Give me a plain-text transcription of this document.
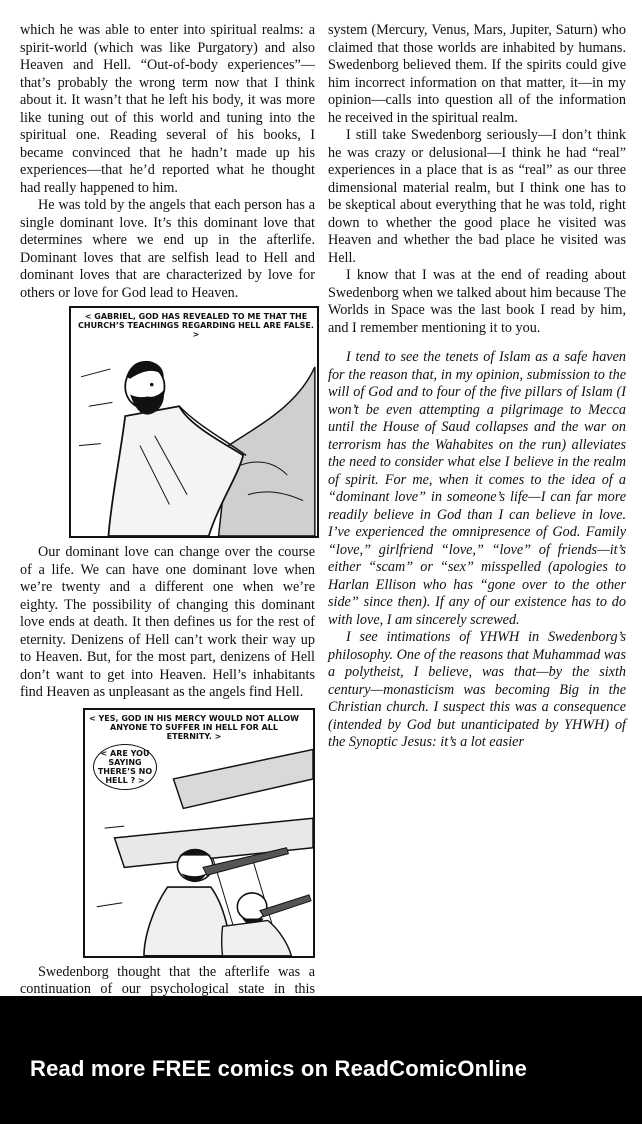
which he was able to enter into spiritual realms: a spirit-world (which was like Purgatory) and also Heaven and Hell. “Out-of-body experiences”—that’s probably the wrong term now that I think about it. It wasn’t that he left his body, it was more like tuning out of this world and tuning into the spiritual one. Reading several of his books, I became convinced that he hadn’t made up his experiences—that he’d reported what he thought had really happened to him.

He was told by the angels that each person has a single dominant love. It’s this dominant love that determines where we end up in the afterlife. Dominant loves that are selfish lead to Hell and dominant loves that are characterized by love for others or love for God lead to Heaven.

< GABRIEL, GOD HAS REVEALED TO ME THAT THE CHURCH’S TEACHINGS REGARDING HELL ARE FALSE. >

Our dominant love can change over the course of a life. We can have one dominant love when we’re twenty and a different one when we’re eighty. The possibility of changing this dominant love ends at death. It then defines us for the rest of eternity. Denizens of Hell can’t work their way up to Heaven. But, for the most part, denizens of Hell don’t want to get into Heaven. Hell’s inhabitants find Heaven as unpleasant as the angels find Hell.

< YES, GOD IN HIS MERCY WOULD NOT ALLOW ANYONE TO SUFFER IN HELL FOR ALL ETERNITY. >
< ARE YOU SAYING THERE’S NO HELL ? >

Swedenborg thought that the afterlife was a continuation of our psychological state in this

system (Mercury, Venus, Mars, Jupiter, Saturn) who claimed that those worlds are inhabited by humans. Swedenborg believed them. If the spirits could give him incorrect information on that matter, it—in my opinion—calls into question all of the information he received in the spiritual realm.

I still take Swedenborg seriously—I don’t think he was crazy or delusional—I think he had “real” experiences in a place that is as “real” as our three dimensional material realm, but I think one has to be skeptical about everything that he was told, right down to whether the good place he visited was Heaven and whether the bad place he visited was Hell.

I know that I was at the end of reading about Swedenborg when we talked about him because The Worlds in Space was the last book I read by him, and I remember mentioning it to you.

I tend to see the tenets of Islam as a safe haven for the reason that, in my opinion, submission to the will of God and to four of the five pillars of Islam (I won’t be even attempting a pilgrimage to Mecca until the House of Saud collapses and the war on terrorism has the Wahabites on the run) alleviates the need to consider what else I believe in the realm of spirit. For me, when it comes to the idea of a “dominant love” in someone’s life—I can far more readily believe in God than I can believe in love. I’ve experienced the omnipresence of God. Family “love,” girlfriend “love,” “love” of friends—it’s either “scam” or “sex” misspelled (apologies to Harlan Ellison who has “gone over to the other side” since then). If any of our existence has to do with love, I am sincerely screwed.

I see intimations of YHWH in Swedenborg’s philosophy. One of the reasons that Muhammad was a polytheist, I believe, was that—by the sixth century—monasticism was becoming Big in the Christian church. I suspect this was a consequence (intended by God but unanticipated by YHWH) of the Synoptic Jesus: it’s a lot easier

Read more FREE comics on ReadComicOnline
